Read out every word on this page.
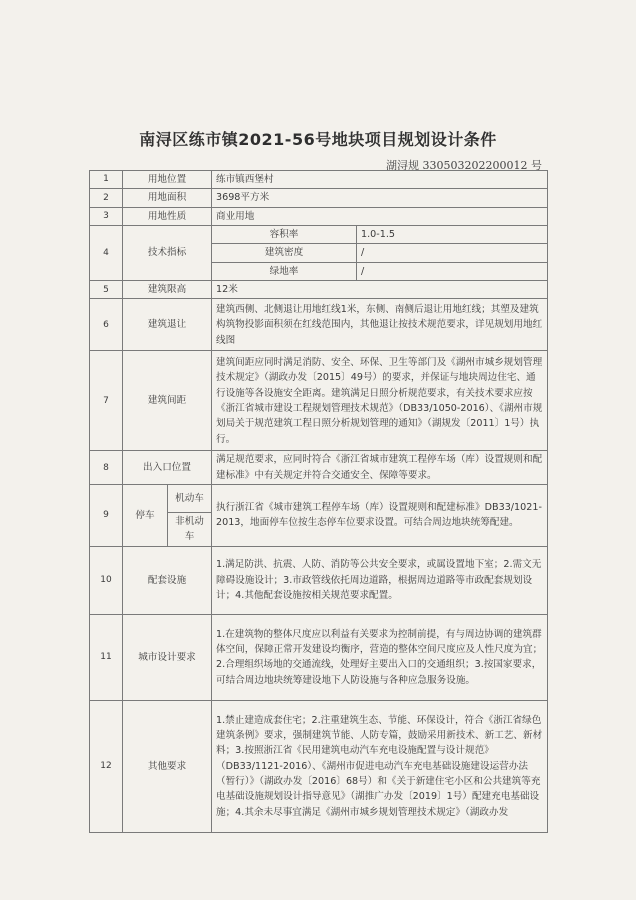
南浔区练市镇2021-56号地块项目规划设计条件
湖浔规 330503202200012 号
1	用地位置		练市镇西堡村	
2	用地面积		3698平方米	
3	用地性质		商业用地	
4	技术指标		容积率	1.0-1.5
			建筑密度	/
			绿地率	/
5	建筑限高		12米	
6	建筑退让		建筑西侧、北侧退让用地红线1米，东侧、南侧后退让用地红线；其塑及建筑构筑物投影面积须在红线范围内，其他退让按技术规范要求，详见规划用地红线图	
7	建筑间距		建筑间距应同时满足消防、安全、环保、卫生等部门及《湖州市城乡规划管理技术规定》（湖政办发〔2015〕49号）的要求，并保证与地块周边住宅、通行设施等各设施安全距离。建筑满足日照分析规范要求，有关技术要求应按《浙江省城市建设工程规划管理技术规范》（DB33/1050-2016）、《湖州市规划局关于规范建筑工程日照分析规划管理的通知》（湖规发〔2011〕1号）执行。	
8	出入口位置		满足规范要求，应同时符合《浙江省城市建筑工程停车场（库）设置规则和配建标准》中有关规定并符合交通安全、保障等要求。	
9	停车	机动车	执行浙江省《城市建筑工程停车场（库）设置规则和配建标准》DB33/1021-2013，地面停车位按生态停车位要求设置。可结合周边地块统筹配建。	
		非机动车		
10	配套设施		1.满足防洪、抗震、人防、消防等公共安全要求，或属设置地下室；2.需文无障碍设施设计；3.市政管线依托周边道路，根据周边道路等市政配套规划设计；4.其他配套设施按相关规范要求配置。	
11	城市设计要求		1.在建筑物的整体尺度应以利益有关要求为控制前提，有与周边协调的建筑群体空间，保障正常开发建设均衡序，营造的整体空间尺度应及人性尺度为宜；2.合理组织场地的交通流线，处理好主要出入口的交通组织；3.按国家要求，可结合周边地块统筹建设地下人防设施与各种应急服务设施。	
12	其他要求		1.禁止建造成套住宅；2.注重建筑生态、节能、环保设计，符合《浙江省绿色建筑条例》要求，强制建筑节能、人防专篇，鼓励采用新技术、新工艺、新材料；3.按照浙江省《民用建筑电动汽车充电设施配置与设计规范》（DB33/1121-2016）、《湖州市促进电动汽车充电基础设施建设运营办法（暂行）》（湖政办发〔2016〕68号）和《关于新建住宅小区和公共建筑等充电基础设施规划设计指导意见》（湖推广办发〔2019〕1号）配建充电基础设施；4.其余未尽事宜满足《湖州市城乡规划管理技术规定》（湖政办发	
